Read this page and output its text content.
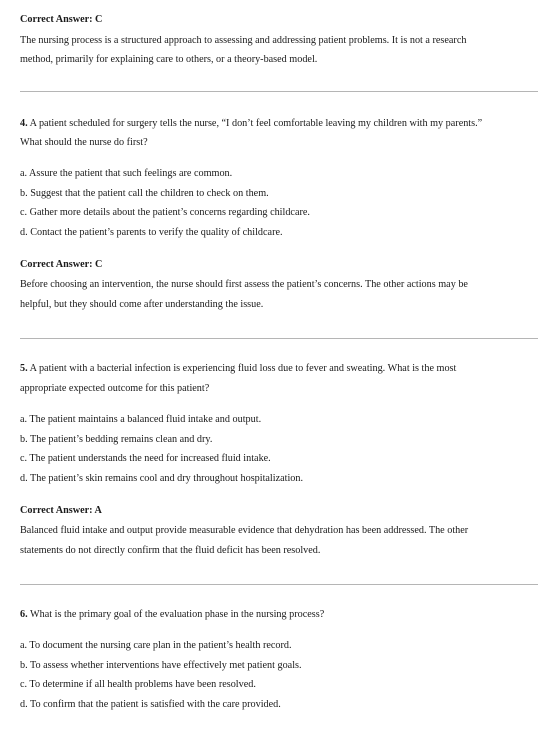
Correct Answer: C
The nursing process is a structured approach to assessing and addressing patient problems. It is not a research
method, primarily for explaining care to others, or a theory-based model.
4. A patient scheduled for surgery tells the nurse, “I don’t feel comfortable leaving my children with my parents.”
What should the nurse do first?
a. Assure the patient that such feelings are common.
b. Suggest that the patient call the children to check on them.
c. Gather more details about the patient’s concerns regarding childcare.
d. Contact the patient’s parents to verify the quality of childcare.
Correct Answer: C
Before choosing an intervention, the nurse should first assess the patient’s concerns. The other actions may be
helpful, but they should come after understanding the issue.
5. A patient with a bacterial infection is experiencing fluid loss due to fever and sweating. What is the most
appropriate expected outcome for this patient?
a. The patient maintains a balanced fluid intake and output.
b. The patient’s bedding remains clean and dry.
c. The patient understands the need for increased fluid intake.
d. The patient’s skin remains cool and dry throughout hospitalization.
Correct Answer: A
Balanced fluid intake and output provide measurable evidence that dehydration has been addressed. The other
statements do not directly confirm that the fluid deficit has been resolved.
6. What is the primary goal of the evaluation phase in the nursing process?
a. To document the nursing care plan in the patient’s health record.
b. To assess whether interventions have effectively met patient goals.
c. To determine if all health problems have been resolved.
d. To confirm that the patient is satisfied with the care provided.
